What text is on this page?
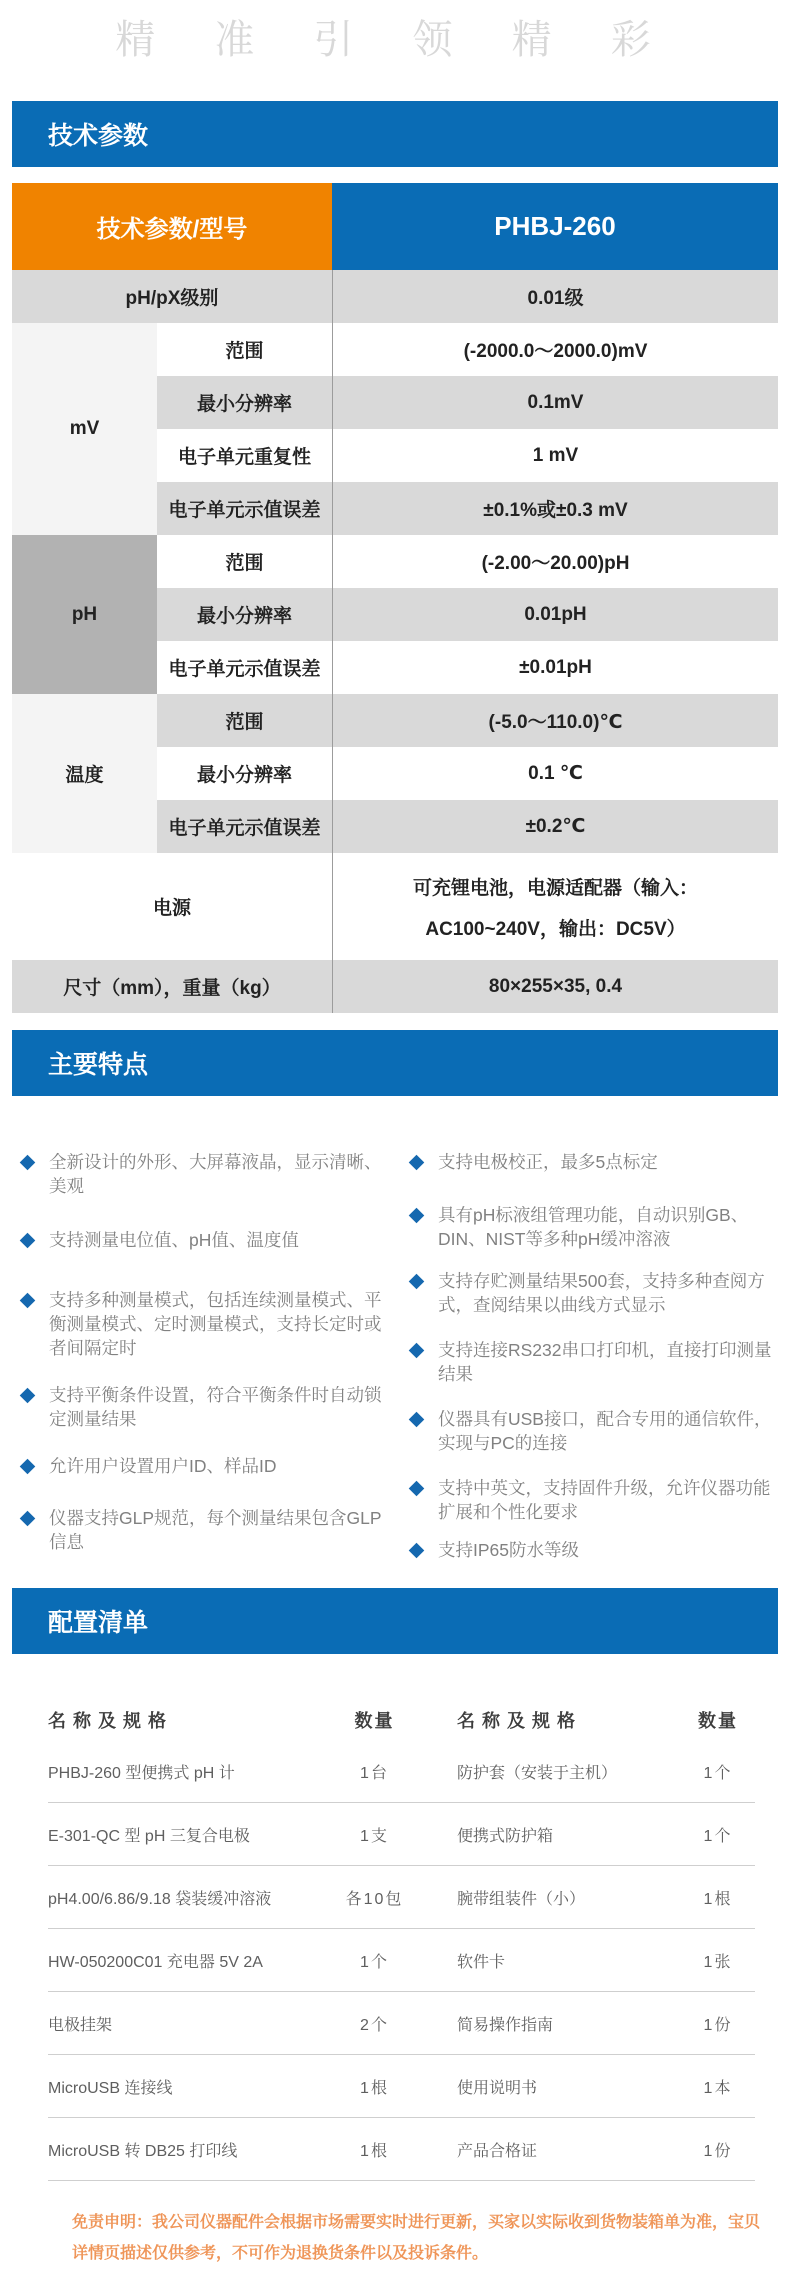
精 准 引 领 精 彩
技术参数
技术参数/型号	PHBJ-260
pH/pX级别	0.01级
mV
范围	(-2000.0～2000.0)mV
最小分辨率	0.1mV
电子单元重复性	1 mV
电子单元示值误差	±0.1%或±0.3 mV
pH
范围	(-2.00～20.00)pH
最小分辨率	0.01pH
电子单元示值误差	±0.01pH
温度
范围	(-5.0～110.0)℃
最小分辨率	0.1 ℃
电子单元示值误差	±0.2℃
电源
可充锂电池，电源适配器（输入：
AC100~240V，输出：DC5V）
尺寸（mm），重量（kg）	80×255×35, 0.4
主要特点
全新设计的外形、大屏幕液晶，显示清晰、美观
支持测量电位值、pH值、温度值
支持多种测量模式，包括连续测量模式、平衡测量模式、定时测量模式，支持长定时或者间隔定时
支持平衡条件设置，符合平衡条件时自动锁定测量结果
允许用户设置用户ID、样品ID
仪器支持GLP规范，每个测量结果包含GLP信息
支持电极校正，最多5点标定
具有pH标液组管理功能，自动识别GB、DIN、NIST等多种pH缓冲溶液
支持存贮测量结果500套，支持多种查阅方式，查阅结果以曲线方式显示
支持连接RS232串口打印机，直接打印测量结果
仪器具有USB接口，配合专用的通信软件，实现与PC的连接
支持中英文，支持固件升级，允许仪器功能扩展和个性化要求
支持IP65防水等级
配置清单
名称及规格	数量	名称及规格	数量
PHBJ-260 型便携式 pH 计	1台	防护套（安装于主机）	1个
E-301-QC 型 pH 三复合电极	1支	便携式防护箱	1个
pH4.00/6.86/9.18 袋装缓冲溶液	各10包	腕带组装件（小）	1根
HW-050200C01 充电器 5V 2A	1个	软件卡	1张
电极挂架	2个	简易操作指南	1份
MicroUSB 连接线	1根	使用说明书	1本
MicroUSB 转 DB25 打印线	1根	产品合格证	1份
免责申明：我公司仪器配件会根据市场需要实时进行更新，买家以实际收到货物装箱单为准，宝贝详情页描述仅供参考，不可作为退换货条件以及投诉条件。
